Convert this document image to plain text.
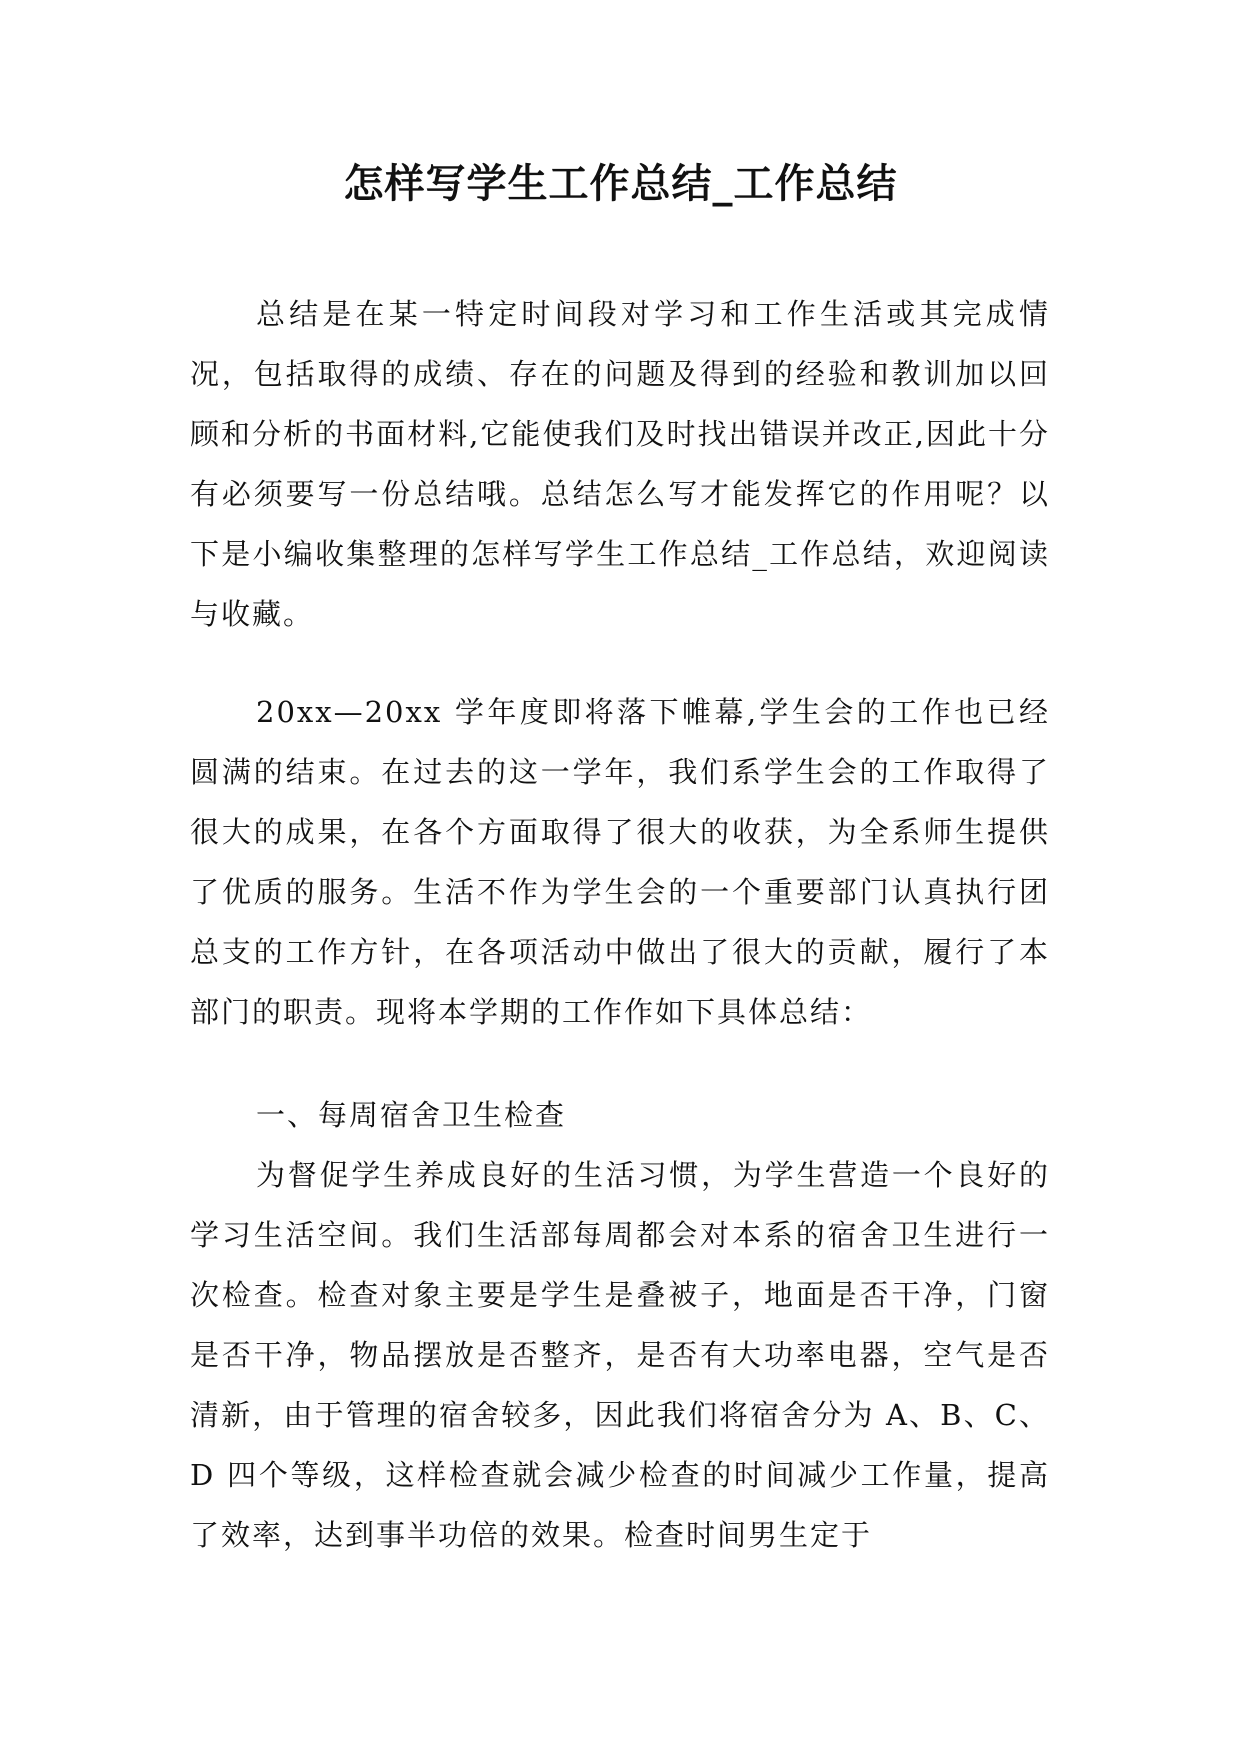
怎样写学生工作总结_工作总结

总结是在某一特定时间段对学习和工作生活或其完成情况，包括取得的成绩、存在的问题及得到的经验和教训加以回顾和分析的书面材料,它能使我们及时找出错误并改正,因此十分有必须要写一份总结哦。总结怎么写才能发挥它的作用呢？以下是小编收集整理的怎样写学生工作总结_工作总结，欢迎阅读与收藏。

20xx—20xx 学年度即将落下帷幕,学生会的工作也已经圆满的结束。在过去的这一学年，我们系学生会的工作取得了很大的成果，在各个方面取得了很大的收获，为全系师生提供了优质的服务。生活不作为学生会的一个重要部门认真执行团总支的工作方针，在各项活动中做出了很大的贡献，履行了本部门的职责。现将本学期的工作作如下具体总结：

一、每周宿舍卫生检查

为督促学生养成良好的生活习惯，为学生营造一个良好的学习生活空间。我们生活部每周都会对本系的宿舍卫生进行一次检查。检查对象主要是学生是叠被子，地面是否干净，门窗是否干净，物品摆放是否整齐，是否有大功率电器，空气是否清新，由于管理的宿舍较多，因此我们将宿舍分为 A、B、C、D 四个等级，这样检查就会减少检查的时间减少工作量，提高了效率，达到事半功倍的效果。检查时间男生定于
